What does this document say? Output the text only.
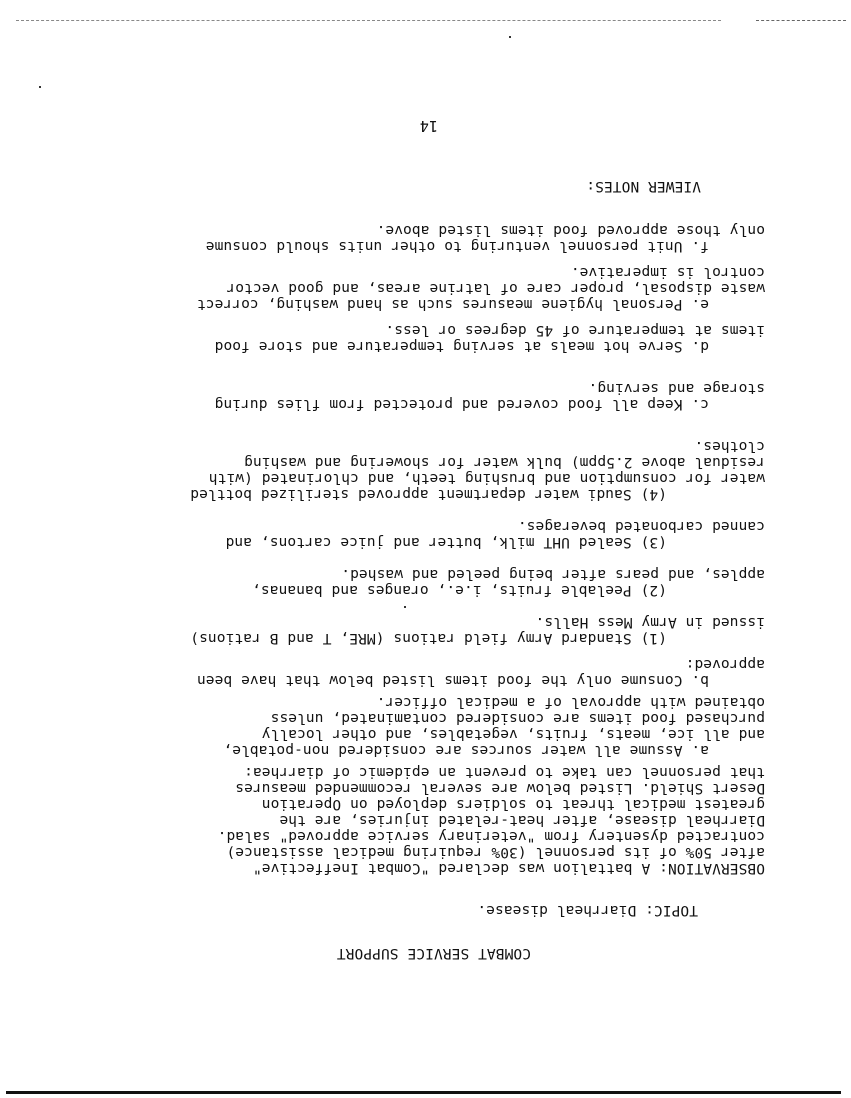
COMBAT SERVICE SUPPORT
TOPIC: Diarrheal disease.
OBSERVATION: A battalion was declared "Combat Ineffective"
after 50% of its personnel (30% requiring medical assistance)
contracted dysentery from "veterinary service approved" salad.
Diarrheal disease, after heat-related injuries, are the
greatest medical threat to soldiers deployed on Operation
Desert Shield. Listed below are several recommended measures
that personnel can take to prevent an epidemic of diarrhea:
a. Assume all water sources are considered non-potable,
and all ice, meats, fruits, vegetables, and other locally
purchased food items are considered contaminated, unless
obtained with approval of a medical officer.
b. Consume only the food items listed below that have been
approved:
(1) Standard Army field rations (MRE, T and B rations)
issued in Army Mess Halls.
(2) Peelable fruits, i.e., oranges and bananas,
apples, and pears after being peeled and washed.
(3) Sealed UHT milk, butter and juice cartons, and
canned carbonated beverages.
(4) Saudi water department approved sterilized bottled
water for consumption and brushing teeth, and chlorinated (with
residual above 2.5ppm) bulk water for showering and washing
clothes.
c. Keep all food covered and protected from flies during
storage and serving.
d. Serve hot meals at serving temperature and store food
items at temperature of 45 degrees or less.
e. Personal hygiene measures such as hand washing, correct
waste disposal, proper care of latrine areas, and good vector
control is imperative.
f. Unit personnel venturing to other units should consume
only those approved food items listed above.
VIEWER NOTES:
14
